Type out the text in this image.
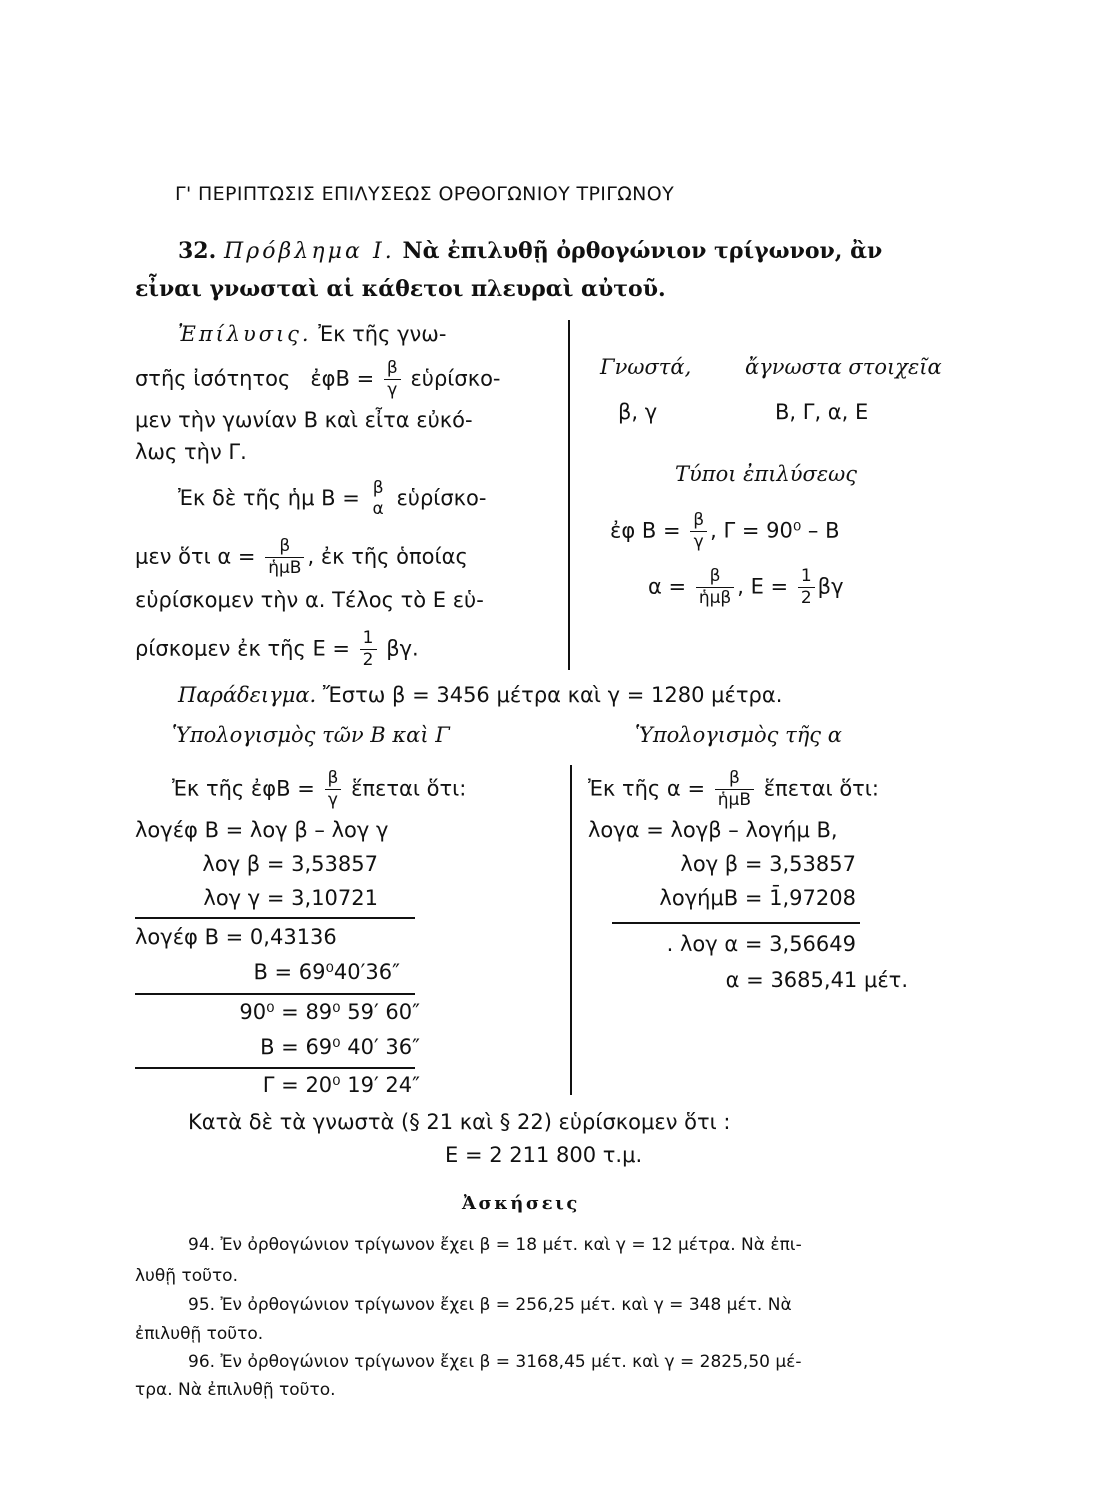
Γ' ΠΕΡΙΠΤΩΣΙΣ ΕΠΙΛΥΣΕΩΣ ΟΡΘΟΓΩΝΙΟΥ ΤΡΙΓΩΝΟΥ
32. Πρόβλημα Ι. Νὰ ἐπιλυθῇ ὀρθογώνιον τρίγωνον, ἂν
εἶναι γνωσταὶ αἱ κάθετοι πλευραὶ αὐτοῦ.
Ἐπίλυσις. Ἐκ τῆς γνω-
στῆς ἰσότητος ἐφΒ = $\frac{\beta}{\gamma}$ εὑρίσκο-
μεν τὴν γωνίαν Β καὶ εἶτα εὐκό-
λως τὴν Γ.
Ἐκ δὲ τῆς ἡμ Β = β
α εὑρίσκο-
μεν ὅτι $\alpha = \frac{\beta}{\text{ἡμΒ}}$ , ἐκ τῆς ὁποίας
εὑρίσκομεν τὴν α. Τέλος τὸ Ε εὑ-
ρίσκομεν ἐκ τῆς $E = \frac{1}{2} \beta\gamma$.
Γνωστά,	ἄγνωστα στοιχεῖα
β, γ	Β, Γ, α, Ε
Τύποι ἐπιλύσεως
ἐφ $B = \frac{\beta}{\gamma}$ , Γ = 90⁰ – Β
$\alpha = \frac{\beta}{\text{ἡμβ}}$ , $E = \frac{1}{2}$ βγ
Παράδειγμα. Ἔστω β = 3456 μέτρα καὶ γ = 1280 μέτρα.
Ὑπολογισμὸς τῶν Β καὶ Γ	Ὑπολογισμὸς τῆς α
Ἐκ τῆς ἐφΒ = $\frac{\beta}{\gamma}$ ἕπεται ὅτι:
λογέφ Β = λογ β – λογ γ
λογ β = 3,53857
λογ γ = 3,10721
λογέφ Β = 0,43136
Β = 69⁰40′36″
90⁰ = 89⁰ 59′ 60″
Β = 69⁰ 40′ 36″
Γ = 20⁰ 19′ 24″
Ἐκ τῆς $\alpha = \frac{\beta}{\text{ἡμΒ}}$ ἕπεται ὅτι:
λογα = λογβ – λογήμ Β,
λογ β = 3,53857
λογήμΒ = 1̄,97208
. λογ α = 3,56649
α = 3685,41 μέτ.
Κατὰ δὲ τὰ γνωστὰ (§ 21 καὶ § 22) εὑρίσκομεν ὅτι :
Ε = 2 211 800 τ.μ.
Ἀσκήσεις
94. Ἐν ὀρθογώνιον τρίγωνον ἔχει β = 18 μέτ. καὶ γ = 12 μέτρα. Νὰ ἐπι-
λυθῇ τοῦτο.
95. Ἐν ὀρθογώνιον τρίγωνον ἔχει β = 256,25 μέτ. καὶ γ = 348 μέτ. Νὰ
ἐπιλυθῇ τοῦτο.
96. Ἐν ὀρθογώνιον τρίγωνον ἔχει β = 3168,45 μέτ. καὶ γ = 2825,50 μέ-
τρα. Νὰ ἐπιλυθῇ τοῦτο.
